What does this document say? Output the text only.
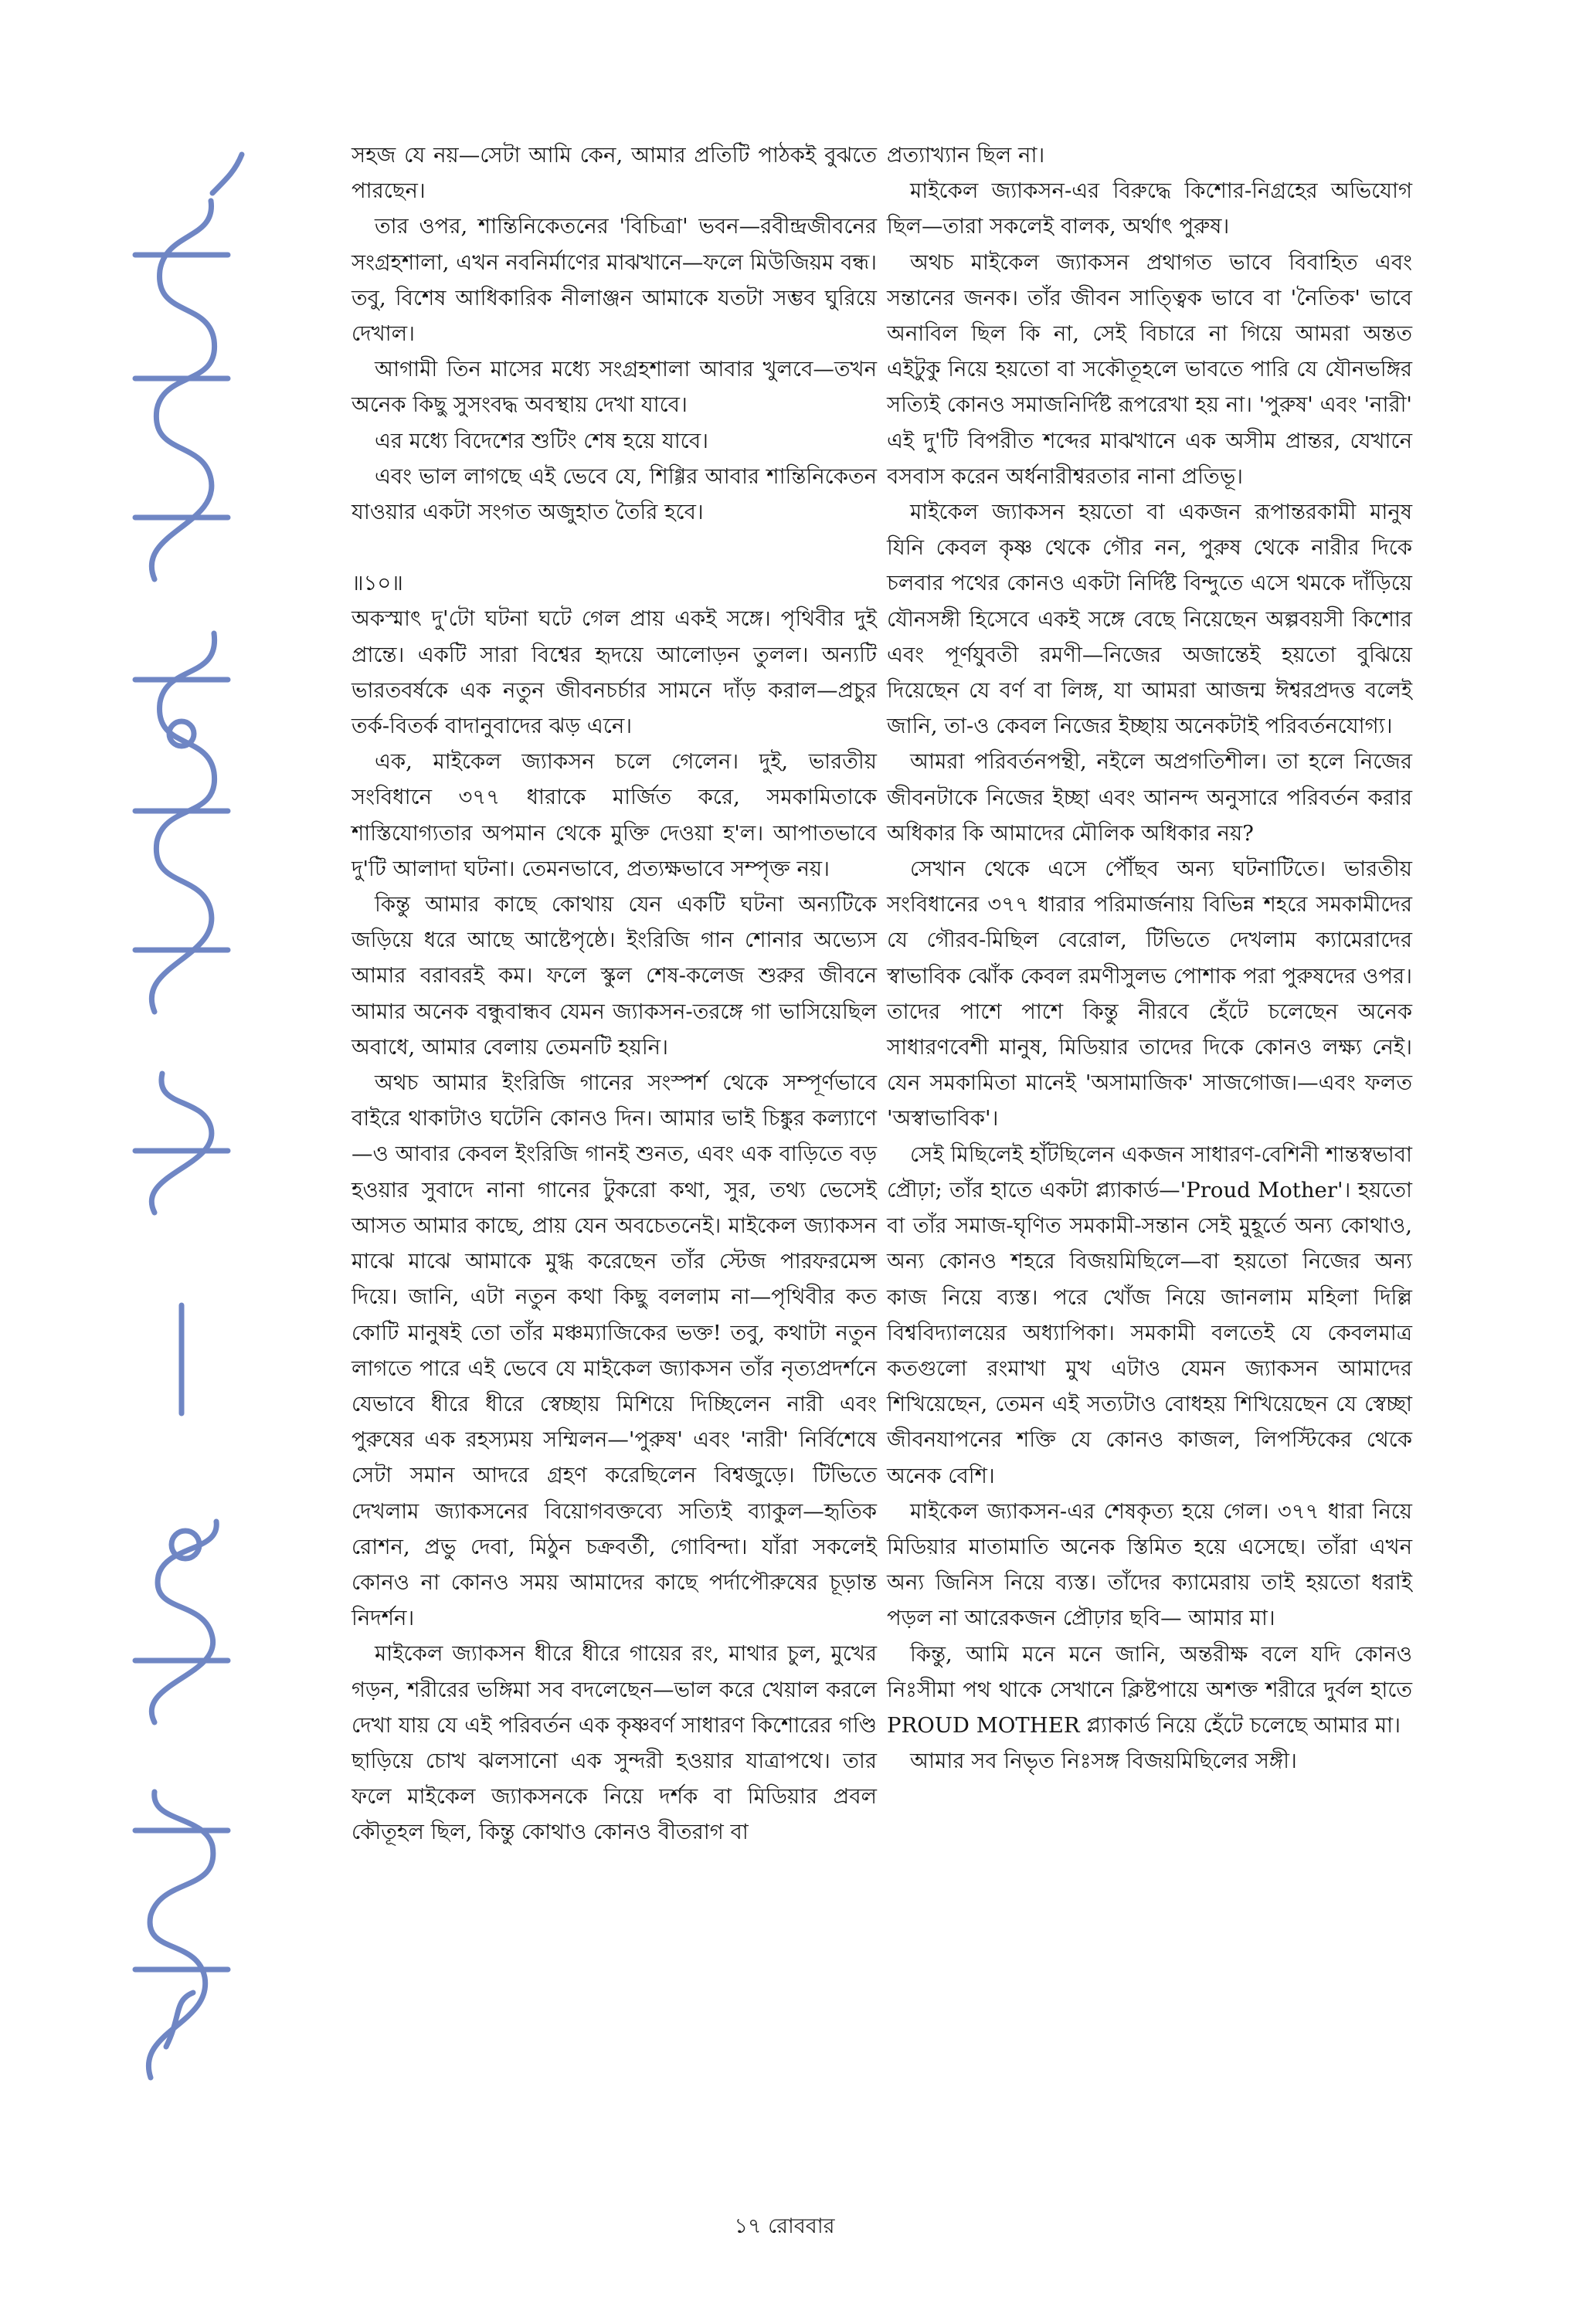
সহজ যে নয়—সেটা আমি কেন, আমার প্রতিটি পাঠকই বুঝতে পারছেন।

তার ওপর, শান্তিনিকেতনের 'বিচিত্রা' ভবন—রবীন্দ্রজীবনের সংগ্রহশালা, এখন নবনির্মাণের মাঝখানে—ফলে মিউজিয়ম বন্ধ। তবু, বিশেষ আধিকারিক নীলাঞ্জন আমাকে যতটা সম্ভব ঘুরিয়ে দেখাল।

আগামী তিন মাসের মধ্যে সংগ্রহশালা আবার খুলবে—তখন অনেক কিছু সুসংবদ্ধ অবস্থায় দেখা যাবে।

এর মধ্যে বিদেশের শুটিং শেষ হয়ে যাবে।

এবং ভাল লাগছে এই ভেবে যে, শিগ্গির আবার শান্তিনিকেতন যাওয়ার একটা সংগত অজুহাত তৈরি হবে।

॥১০॥

অকস্মাৎ দু'টো ঘটনা ঘটে গেল প্রায় একই সঙ্গে। পৃথিবীর দুই প্রান্তে। একটি সারা বিশ্বের হৃদয়ে আলোড়ন তুলল। অন্যটি ভারতবর্ষকে এক নতুন জীবনচর্চার সামনে দাঁড় করাল—প্রচুর তর্ক-বিতর্ক বাদানুবাদের ঝড় এনে।

এক, মাইকেল জ্যাকসন চলে গেলেন। দুই, ভারতীয় সংবিধানে ৩৭৭ ধারাকে মার্জিত করে, সমকামিতাকে শাস্তিযোগ্যতার অপমান থেকে মুক্তি দেওয়া হ'ল। আপাতভাবে দু'টি আলাদা ঘটনা। তেমনভাবে, প্রত্যক্ষভাবে সম্পৃক্ত নয়।

কিন্তু আমার কাছে কোথায় যেন একটি ঘটনা অন্যটিকে জড়িয়ে ধরে আছে আষ্টেপৃষ্ঠে। ইংরিজি গান শোনার অভ্যেস আমার বরাবরই কম। ফলে স্কুল শেষ-কলেজ শুরুর জীবনে আমার অনেক বন্ধুবান্ধব যেমন জ্যাকসন-তরঙ্গে গা ভাসিয়েছিল অবাধে, আমার বেলায় তেমনটি হয়নি।

অথচ আমার ইংরিজি গানের সংস্পর্শ থেকে সম্পূর্ণভাবে বাইরে থাকাটাও ঘটেনি কোনও দিন। আমার ভাই চিঙ্কুর কল্যাণে—ও আবার কেবল ইংরিজি গানই শুনত, এবং এক বাড়িতে বড় হওয়ার সুবাদে নানা গানের টুকরো কথা, সুর, তথ্য ভেসেই আসত আমার কাছে, প্রায় যেন অবচেতনেই। মাইকেল জ্যাকসন মাঝে মাঝে আমাকে মুগ্ধ করেছেন তাঁর স্টেজ পারফরমেন্স দিয়ে। জানি, এটা নতুন কথা কিছু বললাম না—পৃথিবীর কত কোটি মানুষই তো তাঁর মঞ্চম্যাজিকের ভক্ত! তবু, কথাটা নতুন লাগতে পারে এই ভেবে যে মাইকেল জ্যাকসন তাঁর নৃত্যপ্রদর্শনে যেভাবে ধীরে ধীরে স্বেচ্ছায় মিশিয়ে দিচ্ছিলেন নারী এবং পুরুষের এক রহস্যময় সম্মিলন—'পুরুষ' এবং 'নারী' নির্বিশেষে সেটা সমান আদরে গ্রহণ করেছিলেন বিশ্বজুড়ে। টিভিতে দেখলাম জ্যাকসনের বিয়োগবক্তব্যে সত্যিই ব্যাকুল—হৃতিক রোশন, প্রভু দেবা, মিঠুন চক্রবর্তী, গোবিন্দা। যাঁরা সকলেই কোনও না কোনও সময় আমাদের কাছে পর্দাপৌরুষের চূড়ান্ত নিদর্শন।

মাইকেল জ্যাকসন ধীরে ধীরে গায়ের রং, মাথার চুল, মুখের গড়ন, শরীরের ভঙ্গিমা সব বদলেছেন—ভাল করে খেয়াল করলে দেখা যায় যে এই পরিবর্তন এক কৃষ্ণবর্ণ সাধারণ কিশোরের গণ্ডি ছাড়িয়ে চোখ ঝলসানো এক সুন্দরী হওয়ার যাত্রাপথে। তার ফলে মাইকেল জ্যাকসনকে নিয়ে দর্শক বা মিডিয়ার প্রবল কৌতূহল ছিল, কিন্তু কোথাও কোনও বীতরাগ বা

প্রত্যাখ্যান ছিল না।

মাইকেল জ্যাকসন-এর বিরুদ্ধে কিশোর-নিগ্রহের অভিযোগ ছিল—তারা সকলেই বালক, অর্থাৎ পুরুষ।

অথচ মাইকেল জ্যাকসন প্রথাগত ভাবে বিবাহিত এবং সন্তানের জনক। তাঁর জীবন সাত্ত্বিক ভাবে বা 'নৈতিক' ভাবে অনাবিল ছিল কি না, সেই বিচারে না গিয়ে আমরা অন্তত এইটুকু নিয়ে হয়তো বা সকৌতূহলে ভাবতে পারি যে যৌনভঙ্গির সত্যিই কোনও সমাজনির্দিষ্ট রূপরেখা হয় না। 'পুরুষ' এবং 'নারী' এই দু'টি বিপরীত শব্দের মাঝখানে এক অসীম প্রান্তর, যেখানে বসবাস করেন অর্ধনারীশ্বরতার নানা প্রতিভূ।

মাইকেল জ্যাকসন হয়তো বা একজন রূপান্তরকামী মানুষ যিনি কেবল কৃষ্ণ থেকে গৌর নন, পুরুষ থেকে নারীর দিকে চলবার পথের কোনও একটা নির্দিষ্ট বিন্দুতে এসে থমকে দাঁড়িয়ে যৌনসঙ্গী হিসেবে একই সঙ্গে বেছে নিয়েছেন অল্পবয়সী কিশোর এবং পূর্ণযুবতী রমণী—নিজের অজান্তেই হয়তো বুঝিয়ে দিয়েছেন যে বর্ণ বা লিঙ্গ, যা আমরা আজন্ম ঈশ্বরপ্রদত্ত বলেই জানি, তা-ও কেবল নিজের ইচ্ছায় অনেকটাই পরিবর্তনযোগ্য।

আমরা পরিবর্তনপন্থী, নইলে অপ্রগতিশীল। তা হলে নিজের জীবনটাকে নিজের ইচ্ছা এবং আনন্দ অনুসারে পরিবর্তন করার অধিকার কি আমাদের মৌলিক অধিকার নয়?

সেখান থেকে এসে পৌঁছব অন্য ঘটনাটিতে। ভারতীয় সংবিধানের ৩৭৭ ধারার পরিমার্জনায় বিভিন্ন শহরে সমকামীদের যে গৌরব-মিছিল বেরোল, টিভিতে দেখলাম ক্যামেরাদের স্বাভাবিক ঝোঁক কেবল রমণীসুলভ পোশাক পরা পুরুষদের ওপর। তাদের পাশে পাশে কিন্তু নীরবে হেঁটে চলেছেন অনেক সাধারণবেশী মানুষ, মিডিয়ার তাদের দিকে কোনও লক্ষ্য নেই। যেন সমকামিতা মানেই 'অসামাজিক' সাজগোজ।—এবং ফলত 'অস্বাভাবিক'।

সেই মিছিলেই হাঁটছিলেন একজন সাধারণ-বেশিনী শান্তস্বভাবা প্রৌঢ়া; তাঁর হাতে একটা প্ল্যাকার্ড—'Proud Mother'। হয়তো বা তাঁর সমাজ-ঘৃণিত সমকামী-সন্তান সেই মুহূর্তে অন্য কোথাও, অন্য কোনও শহরে বিজয়মিছিলে—বা হয়তো নিজের অন্য কাজ নিয়ে ব্যস্ত। পরে খোঁজ নিয়ে জানলাম মহিলা দিল্লি বিশ্ববিদ্যালয়ের অধ্যাপিকা। সমকামী বলতেই যে কেবলমাত্র কতগুলো রংমাখা মুখ এটাও যেমন জ্যাকসন আমাদের শিখিয়েছেন, তেমন এই সত্যটাও বোধহয় শিখিয়েছেন যে স্বেচ্ছা জীবনযাপনের শক্তি যে কোনও কাজল, লিপস্টিকের থেকে অনেক বেশি।

মাইকেল জ্যাকসন-এর শেষকৃত্য হয়ে গেল। ৩৭৭ ধারা নিয়ে মিডিয়ার মাতামাতি অনেক স্তিমিত হয়ে এসেছে। তাঁরা এখন অন্য জিনিস নিয়ে ব্যস্ত। তাঁদের ক্যামেরায় তাই হয়তো ধরাই পড়ল না আরেকজন প্রৌঢ়ার ছবি— আমার মা।

কিন্তু, আমি মনে মনে জানি, অন্তরীক্ষ বলে যদি কোনও নিঃসীমা পথ থাকে সেখানে ক্লিষ্টপায়ে অশক্ত শরীরে দুর্বল হাতে PROUD MOTHER প্ল্যাকার্ড নিয়ে হেঁটে চলেছে আমার মা।

আমার সব নিভৃত নিঃসঙ্গ বিজয়মিছিলের সঙ্গী।

১৭ রোববার
